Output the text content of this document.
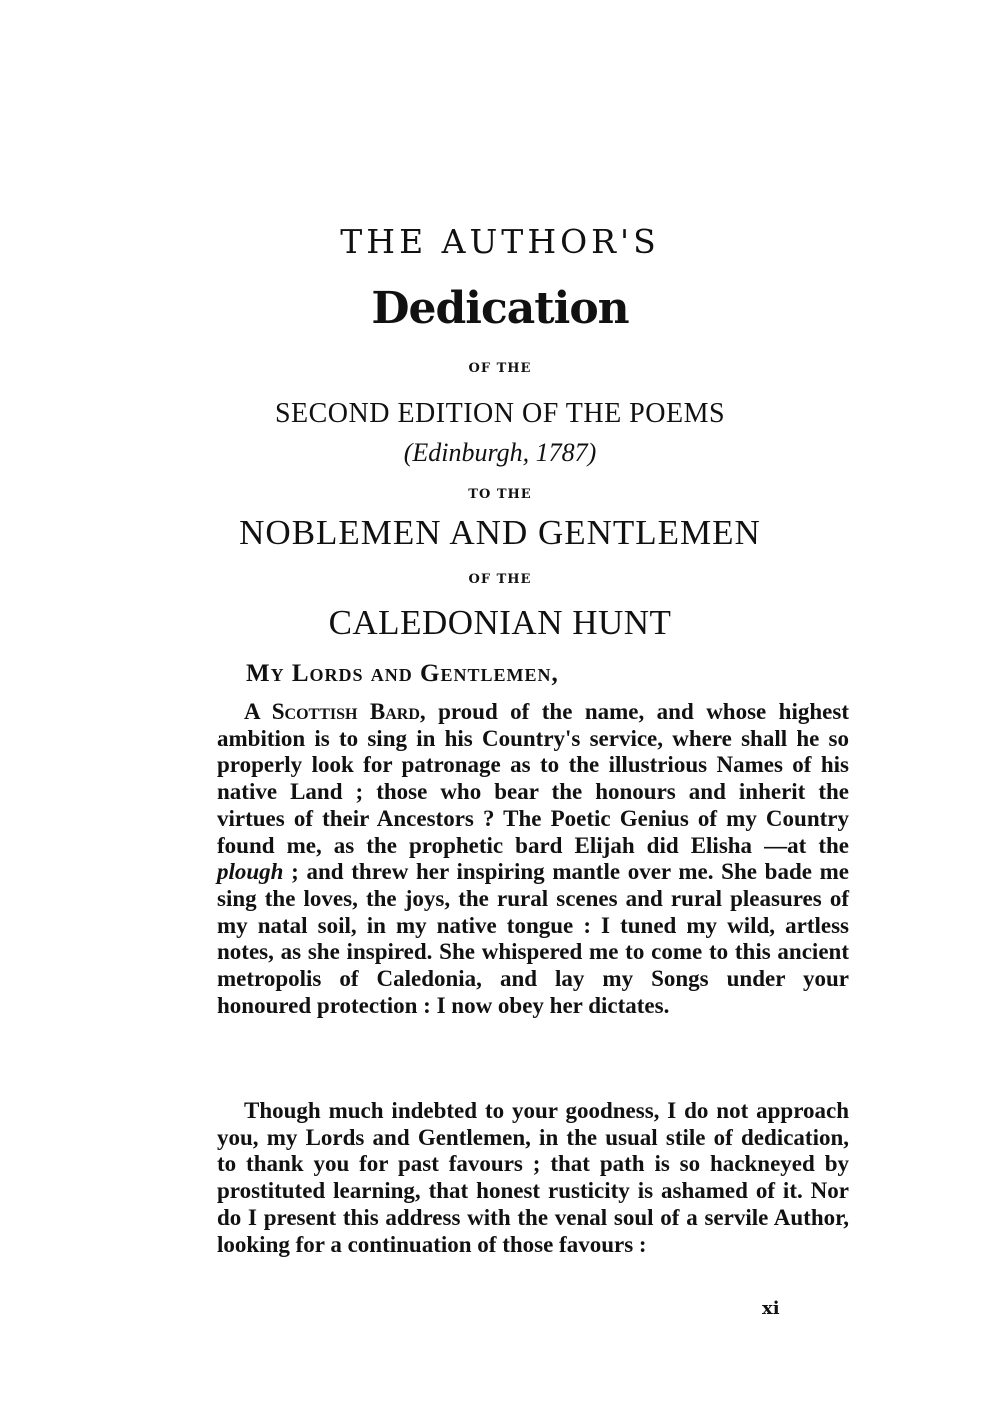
THE AUTHOR'S
Dedication
OF THE
SECOND EDITION OF THE POEMS
(Edinburgh, 1787)
TO THE
NOBLEMEN AND GENTLEMEN
OF THE
CALEDONIAN HUNT
My Lords and Gentlemen,
A Scottish Bard, proud of the name, and whose highest ambition is to sing in his Country's service, where shall he so properly look for patronage as to the illustrious Names of his native Land ; those who bear the honours and inherit the virtues of their Ancestors ? The Poetic Genius of my Country found me, as the prophetic bard Elijah did Elisha —at the plough ; and threw her inspiring mantle over me. She bade me sing the loves, the joys, the rural scenes and rural pleasures of my natal soil, in my native tongue : I tuned my wild, artless notes, as she inspired. She whispered me to come to this ancient metropolis of Caledonia, and lay my Songs under your honoured protection : I now obey her dictates.
Though much indebted to your goodness, I do not approach you, my Lords and Gentlemen, in the usual stile of dedication, to thank you for past favours ; that path is so hackneyed by prostituted learning, that honest rusticity is ashamed of it. Nor do I present this address with the venal soul of a servile Author, looking for a continuation of those favours :
xi
